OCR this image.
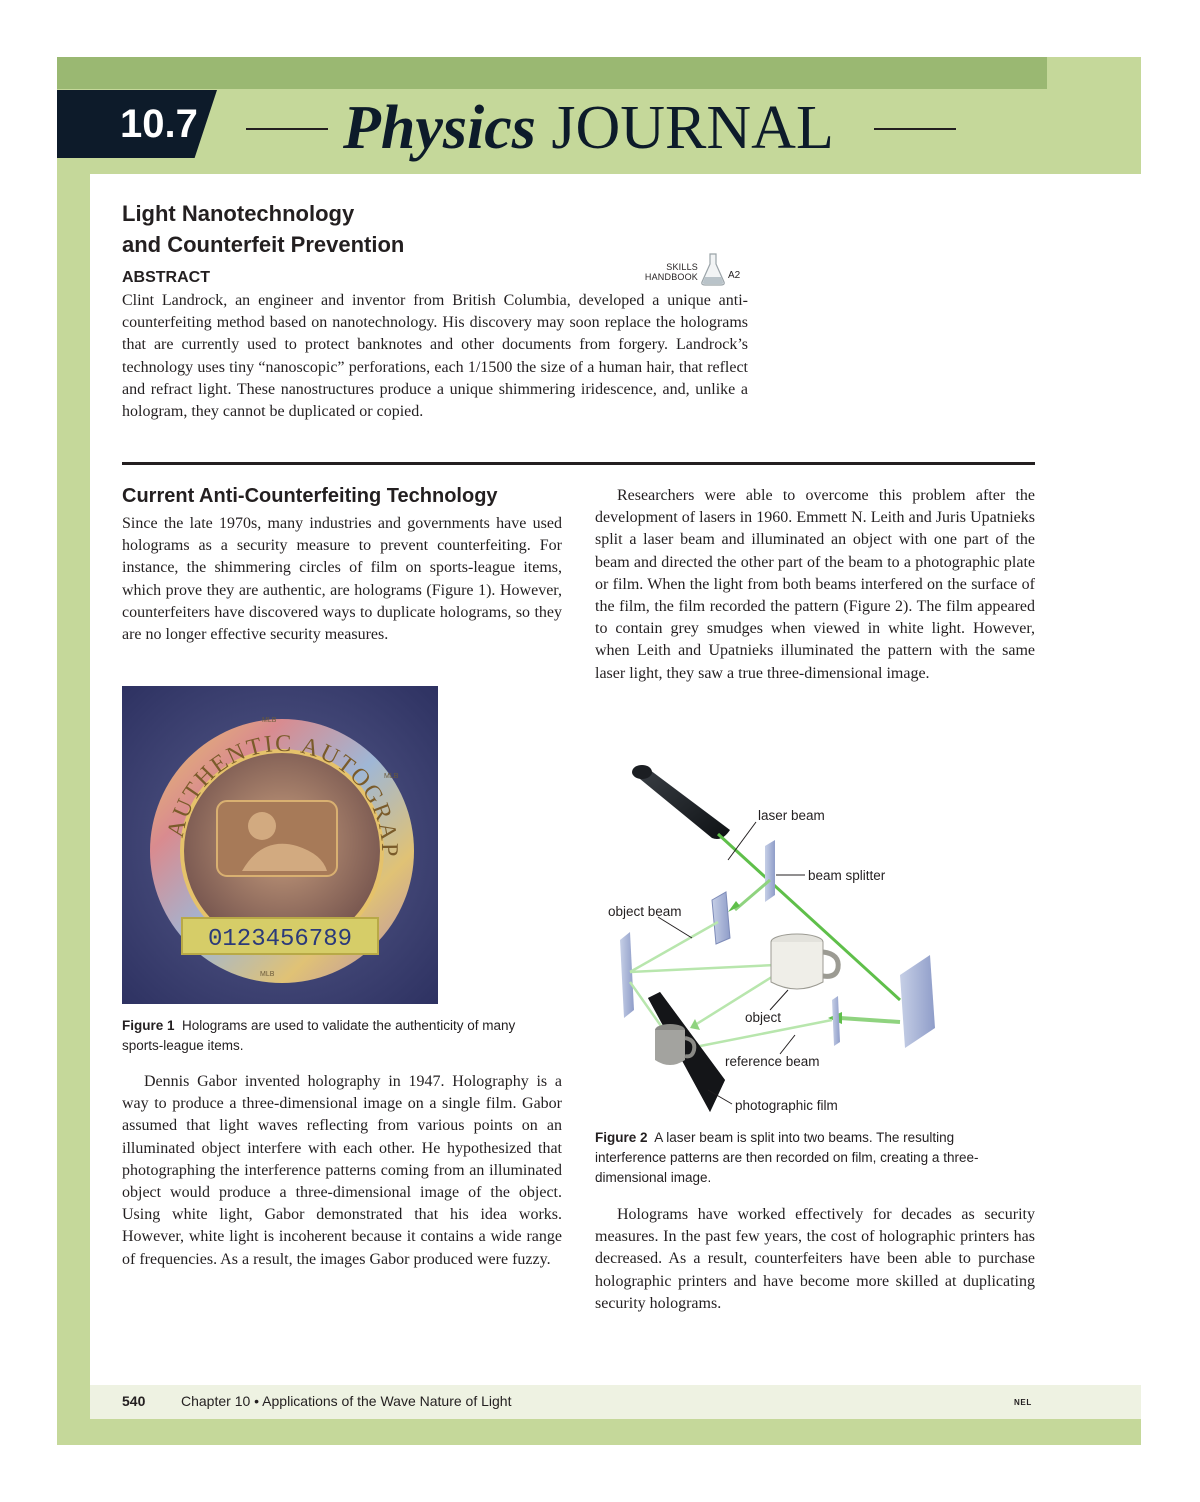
10.7 Physics JOURNAL
Light Nanotechnology
and Counterfeit Prevention
ABSTRACT
SKILLS
HANDBOOK	A2
Clint Landrock, an engineer and inventor from British Columbia, developed a unique anti-counterfeiting method based on nanotechnology. His discovery may soon replace the holograms that are currently used to protect banknotes and other documents from forgery. Landrock’s technology uses tiny “nanoscopic” perforations, each 1/1500 the size of a human hair, that reflect and refract light. These nanostructures produce a unique shimmering iridescence, and, unlike a hologram, they cannot be duplicated or copied.
Current Anti-Counterfeiting Technology
Since the late 1970s, many industries and governments have used holograms as a security measure to prevent counterfeiting. For instance, the shimmering circles of film on sports-league items, which prove they are authentic, are holograms (Figure 1). However, counterfeiters have discovered ways to duplicate holograms, so they are no longer effective security measures.
AUTHENTIC AUTOGRAP
0123456789
MLB
MLB
MLB
Figure 1 Holograms are used to validate the authenticity of many sports-league items.
Dennis Gabor invented holography in 1947. Holography is a way to produce a three-dimensional image on a single film. Gabor assumed that light waves reflecting from various points on an illuminated object interfere with each other. He hypothesized that photographing the interference patterns coming from an illuminated object would produce a three-dimensional image of the object. Using white light, Gabor demonstrated that his idea works. However, white light is incoherent because it contains a wide range of frequencies. As a result, the images Gabor produced were fuzzy.
Researchers were able to overcome this problem after the development of lasers in 1960. Emmett N. Leith and Juris Upatnieks split a laser beam and illuminated an object with one part of the beam and directed the other part of the beam to a photographic plate or film. When the light from both beams interfered on the surface of the film, the film recorded the pattern (Figure 2). The film appeared to contain grey smudges when viewed in white light. However, when Leith and Upatnieks illuminated the pattern with the same laser light, they saw a true three-dimensional image.
laser beam
beam splitter
object beam
object
reference beam
photographic film
Figure 2 A laser beam is split into two beams. The resulting interference patterns are then recorded on film, creating a three-dimensional image.
Holograms have worked effectively for decades as security measures. In the past few years, the cost of holographic printers has decreased. As a result, counterfeiters have been able to purchase holographic printers and have become more skilled at duplicating security holograms.
540	Chapter 10 • Applications of the Wave Nature of Light	NEL
